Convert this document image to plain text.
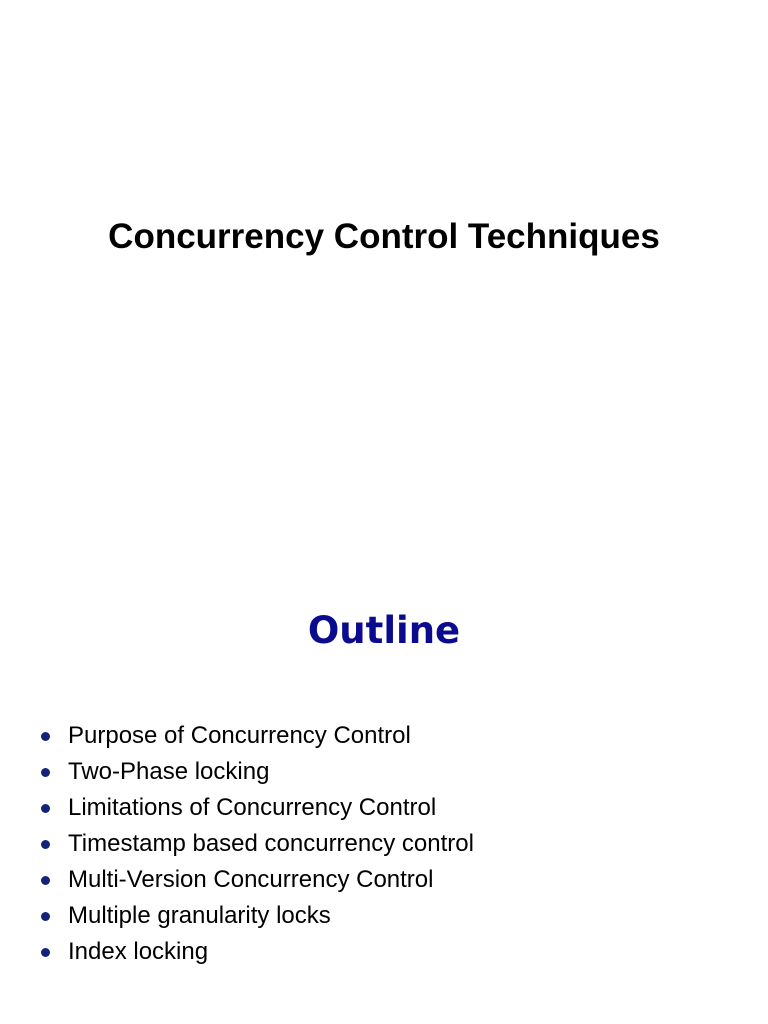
Concurrency Control Techniques
Outline
Purpose of Concurrency Control
Two-Phase locking
Limitations of Concurrency Control
Timestamp based concurrency control
Multi-Version Concurrency Control
Multiple granularity locks
Index locking
